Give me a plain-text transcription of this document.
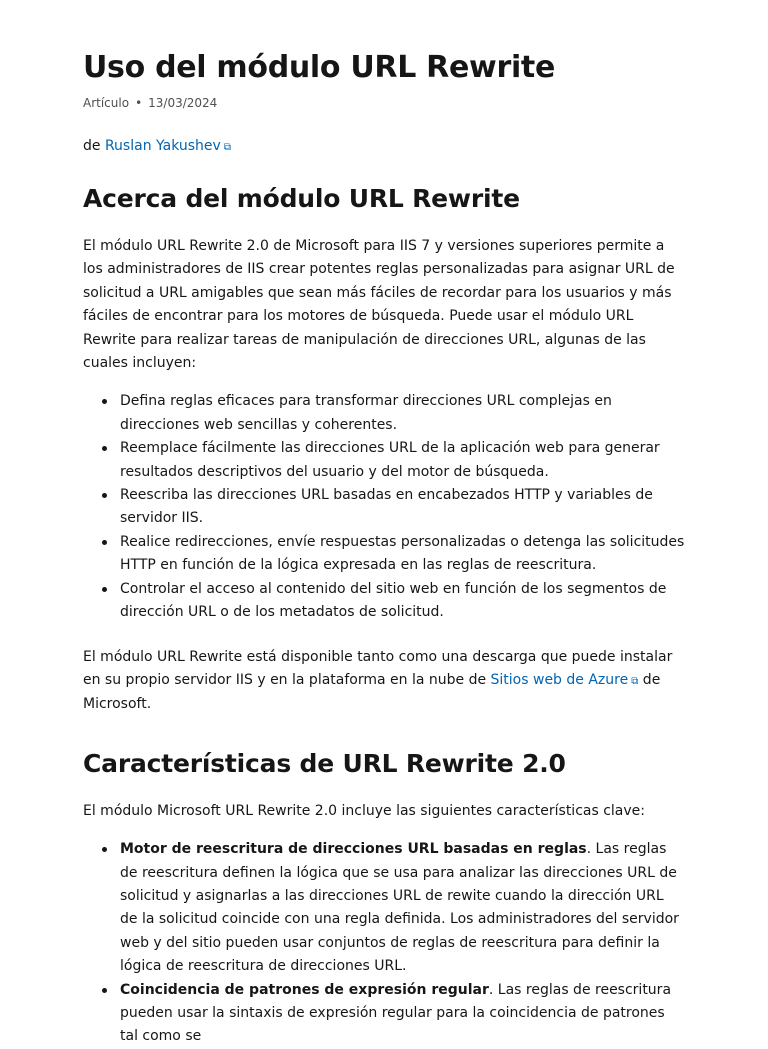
Uso del módulo URL Rewrite

Artículo • 13/03/2024

de Ruslan Yakushev ⧉

Acerca del módulo URL Rewrite

El módulo URL Rewrite 2.0 de Microsoft para IIS 7 y versiones superiores permite a los administradores de IIS crear potentes reglas personalizadas para asignar URL de solicitud a URL amigables que sean más fáciles de recordar para los usuarios y más fáciles de encontrar para los motores de búsqueda. Puede usar el módulo URL Rewrite para realizar tareas de manipulación de direcciones URL, algunas de las cuales incluyen:

Defina reglas eficaces para transformar direcciones URL complejas en direcciones web sencillas y coherentes.
Reemplace fácilmente las direcciones URL de la aplicación web para generar resultados descriptivos del usuario y del motor de búsqueda.
Reescriba las direcciones URL basadas en encabezados HTTP y variables de servidor IIS.
Realice redirecciones, envíe respuestas personalizadas o detenga las solicitudes HTTP en función de la lógica expresada en las reglas de reescritura.
Controlar el acceso al contenido del sitio web en función de los segmentos de dirección URL o de los metadatos de solicitud.

El módulo URL Rewrite está disponible tanto como una descarga que puede instalar en su propio servidor IIS y en la plataforma en la nube de Sitios web de Azure ⧉ de Microsoft.

Características de URL Rewrite 2.0

El módulo Microsoft URL Rewrite 2.0 incluye las siguientes características clave:

Motor de reescritura de direcciones URL basadas en reglas. Las reglas de reescritura definen la lógica que se usa para analizar las direcciones URL de solicitud y asignarlas a las direcciones URL de rewite cuando la dirección URL de la solicitud coincide con una regla definida. Los administradores del servidor web y del sitio pueden usar conjuntos de reglas de reescritura para definir la lógica de reescritura de direcciones URL.
Coincidencia de patrones de expresión regular. Las reglas de reescritura pueden usar la sintaxis de expresión regular para la coincidencia de patrones tal como se
